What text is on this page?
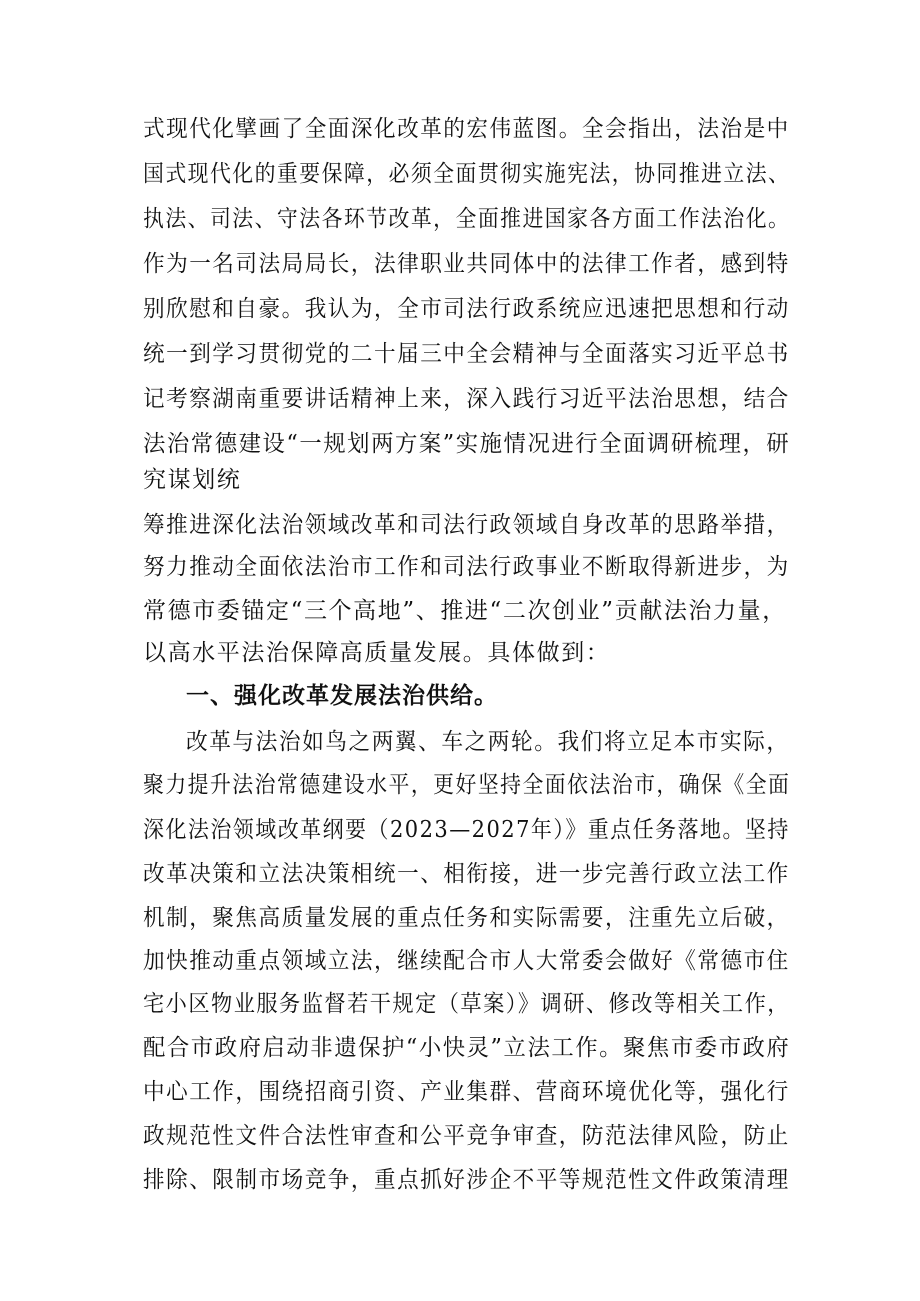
式现代化擘画了全面深化改革的宏伟蓝图。全会指出，法治是中
国式现代化的重要保障，必须全面贯彻实施宪法，协同推进立法、
执法、司法、守法各环节改革，全面推进国家各方面工作法治化。
作为一名司法局局长，法律职业共同体中的法律工作者，感到特
别欣慰和自豪。我认为，全市司法行政系统应迅速把思想和行动
统一到学习贯彻党的二十届三中全会精神与全面落实习近平总书
记考察湖南重要讲话精神上来，深入践行习近平法治思想，结合
法治常德建设“一规划两方案”实施情况进行全面调研梳理，研
究谋划统
筹推进深化法治领域改革和司法行政领域自身改革的思路举措，
努力推动全面依法治市工作和司法行政事业不断取得新进步，为
常德市委锚定“三个高地”、推进“二次创业”贡献法治力量，
以高水平法治保障高质量发展。具体做到：
一、强化改革发展法治供给。
改革与法治如鸟之两翼、车之两轮。我们将立足本市实际，
聚力提升法治常德建设水平，更好坚持全面依法治市，确保《全面
深化法治领域改革纲要（2023—2027年）》重点任务落地。坚持
改革决策和立法决策相统一、相衔接，进一步完善行政立法工作
机制，聚焦高质量发展的重点任务和实际需要，注重先立后破，
加快推动重点领域立法，继续配合市人大常委会做好《常德市住
宅小区物业服务监督若干规定（草案）》调研、修改等相关工作，
配合市政府启动非遗保护“小快灵”立法工作。聚焦市委市政府
中心工作，围绕招商引资、产业集群、营商环境优化等，强化行
政规范性文件合法性审查和公平竞争审查，防范法律风险，防止
排除、限制市场竞争，重点抓好涉企不平等规范性文件政策清理
